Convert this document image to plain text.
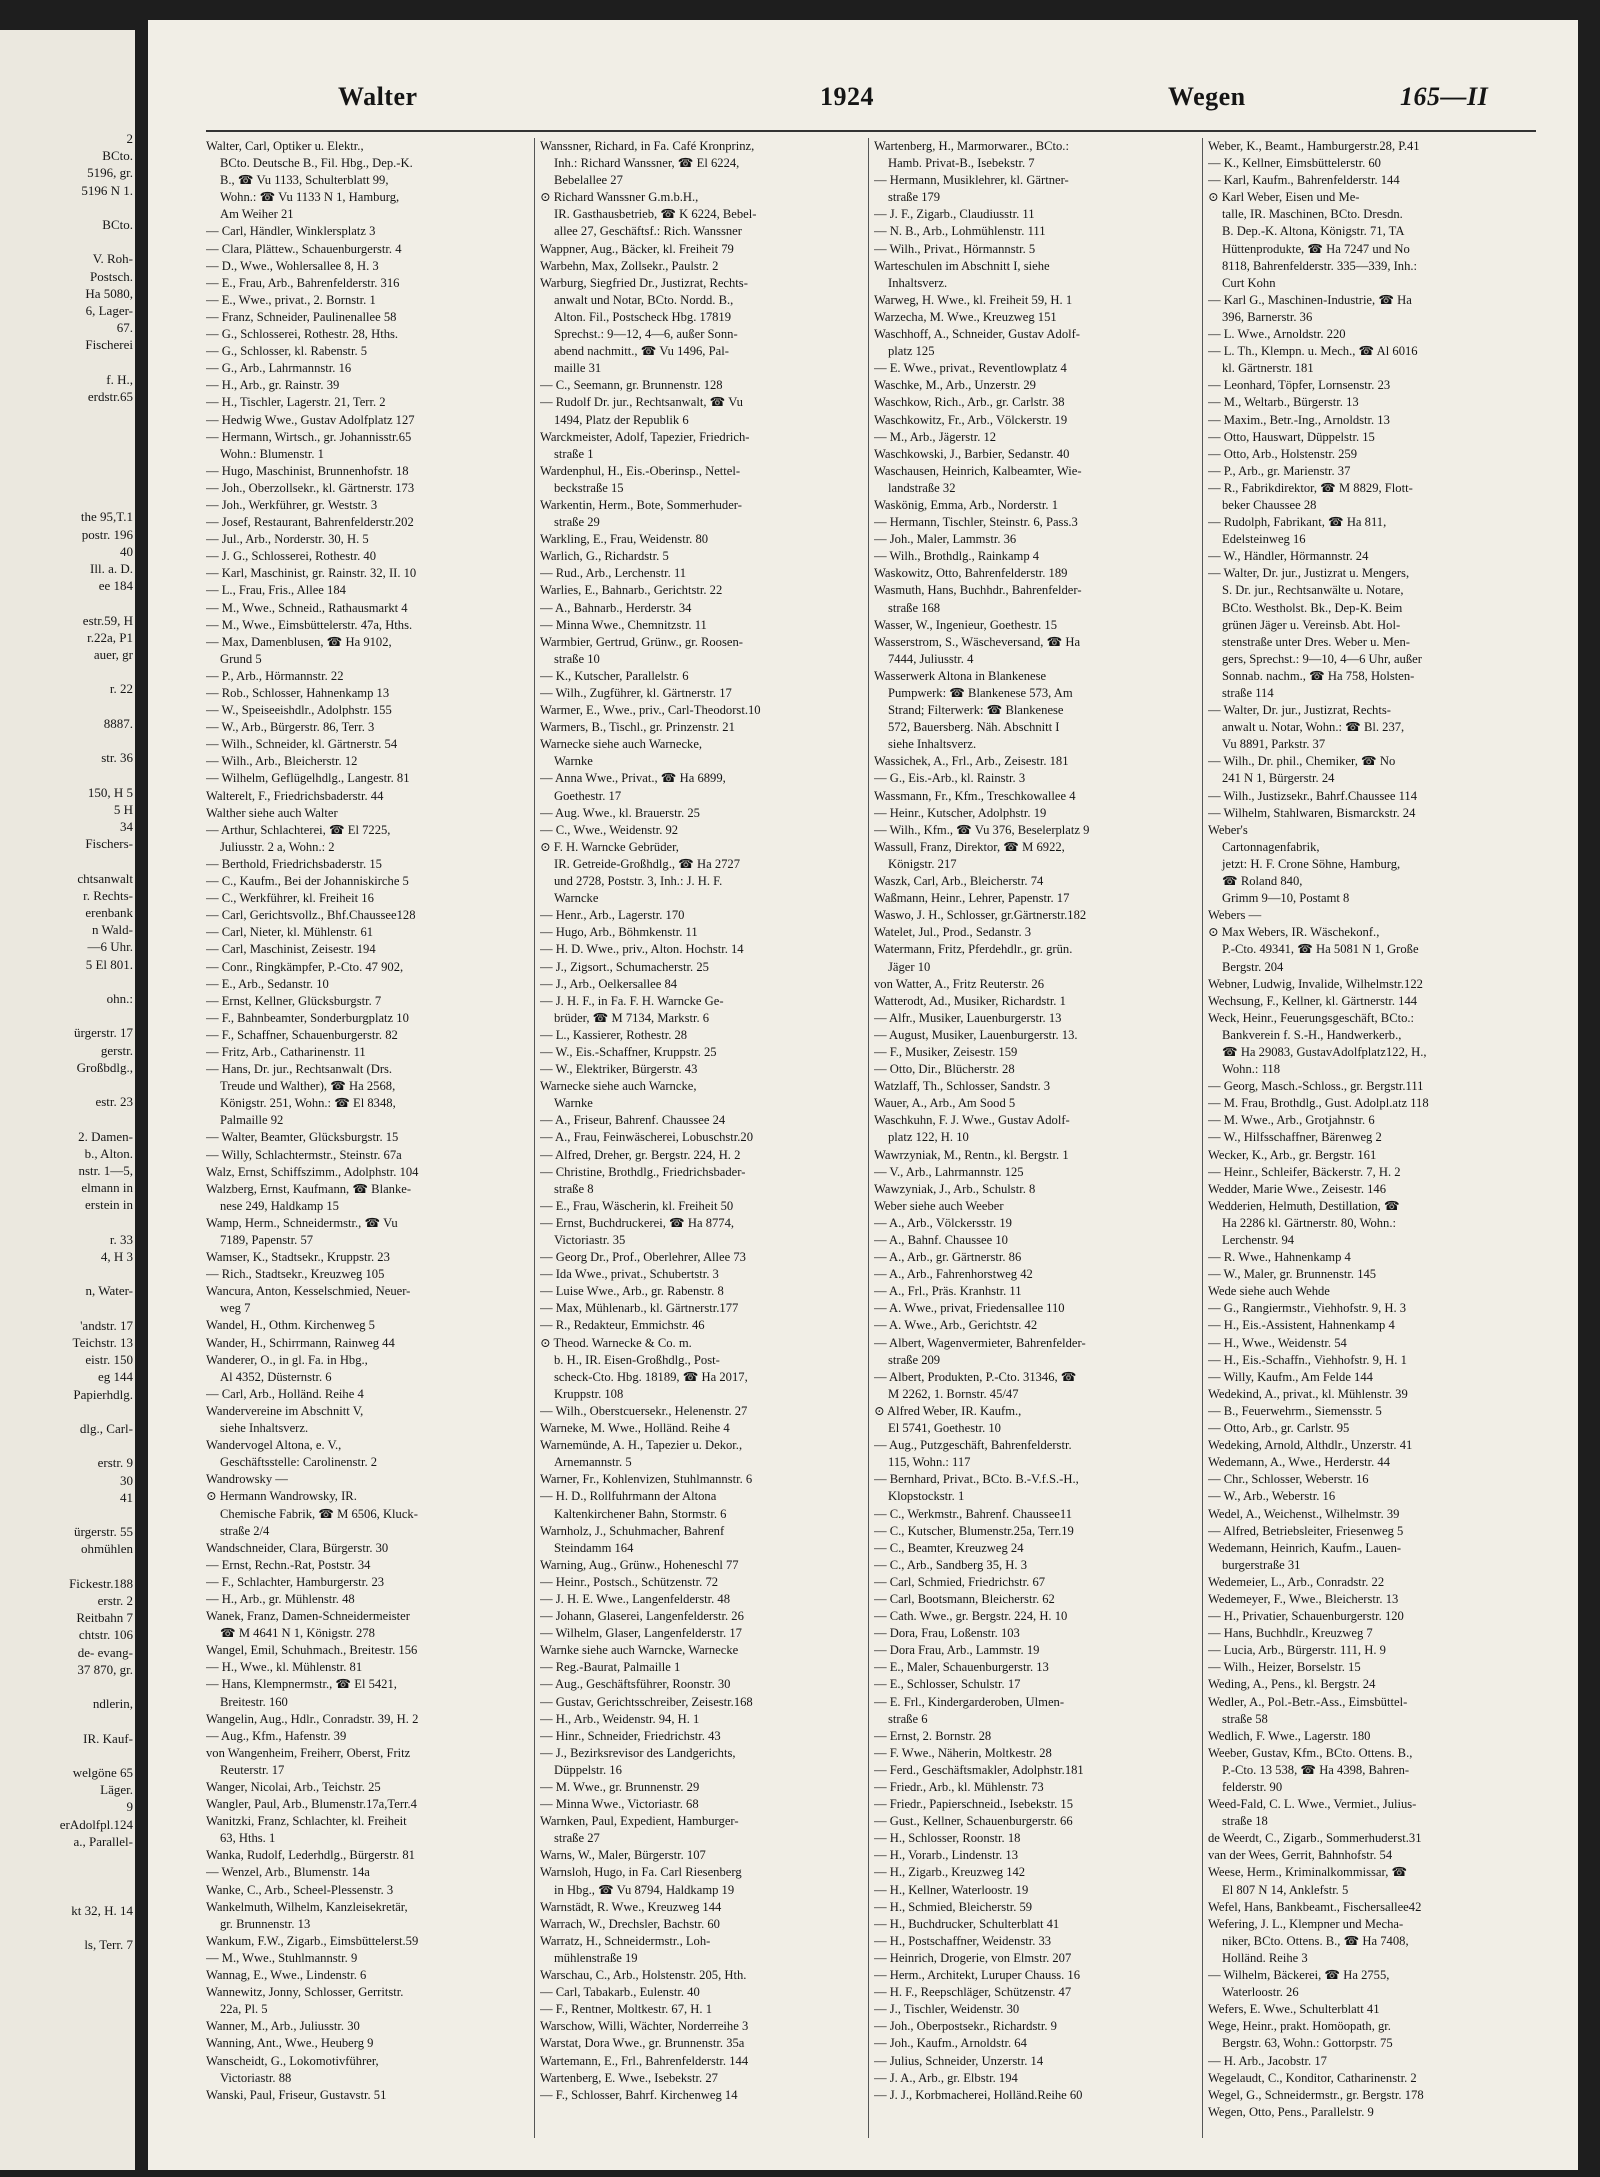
2
BCto.
5196, gr.
5196 N 1.
BCto.
V. Roh-
Postsch.
Ha 5080,
6, Lager-
67.
Fischerei
f. H.,
erdstr.65
the 95,T.1
postr. 196
40
Ill. a. D.
ee 184
estr.59, H
r.22a, P1
auer, gr
r. 22
8887.
str. 36
150, H 5
5 H
34
Fischers-
chtsanwalt
r. Rechts-
erenbank
n Wald-
—6 Uhr.
5 El 801.
ohn.:
ürgerstr. 17
gerstr.
Großbdlg.,
estr. 23
2. Damen-
b., Alton.
nstr. 1—5,
elmann in
erstein in
r. 33
4, H 3
n, Water-
'andstr. 17
Teichstr. 13
eistr. 150
eg 144
Papierhdlg.
dlg., Carl-
erstr. 9
30
41
ürgerstr. 55
ohmühlen
Fickestr.188
erstr. 2
Reitbahn 7
chtstr. 106
de- evang-
37 870, gr.
ndlerin,
IR. Kauf-
welgöne 65
Läger.
9
erAdolfpl.124
a., Parallel-
kt 32, H. 14
ls, Terr. 7
Walter	1924	Wegen	165—II
Walter, Carl, Optiker u. Elektr.,
BCto. Deutsche B., Fil. Hbg., Dep.-K.
B., ☎ Vu 1133, Schulterblatt 99,
Wohn.: ☎ Vu 1133 N 1, Hamburg,
Am Weiher 21
— Carl, Händler, Winklersplatz 3
— Clara, Plättew., Schauenburgerstr. 4
— D., Wwe., Wohlersallee 8, H. 3
— E., Frau, Arb., Bahrenfelderstr. 316
— E., Wwe., privat., 2. Bornstr. 1
— Franz, Schneider, Paulinenallee 58
— G., Schlosserei, Rothestr. 28, Hths.
— G., Schlosser, kl. Rabenstr. 5
— G., Arb., Lahrmannstr. 16
— H., Arb., gr. Rainstr. 39
— H., Tischler, Lagerstr. 21, Terr. 2
— Hedwig Wwe., Gustav Adolfplatz 127
— Hermann, Wirtsch., gr. Johannisstr.65
Wohn.: Blumenstr. 1
— Hugo, Maschinist, Brunnenhofstr. 18
— Joh., Oberzollsekr., kl. Gärtnerstr. 173
— Joh., Werkführer, gr. Weststr. 3
— Josef, Restaurant, Bahrenfelderstr.202
— Jul., Arb., Norderstr. 30, H. 5
— J. G., Schlosserei, Rothestr. 40
— Karl, Maschinist, gr. Rainstr. 32, II. 10
— L., Frau, Fris., Allee 184
— M., Wwe., Schneid., Rathausmarkt 4
— M., Wwe., Eimsbüttelerstr. 47a, Hths.
— Max, Damenblusen, ☎ Ha 9102,
Grund 5
— P., Arb., Hörmannstr. 22
— Rob., Schlosser, Hahnenkamp 13
— W., Speiseeishdlr., Adolphstr. 155
— W., Arb., Bürgerstr. 86, Terr. 3
— Wilh., Schneider, kl. Gärtnerstr. 54
— Wilh., Arb., Bleicherstr. 12
— Wilhelm, Geflügelhdlg., Langestr. 81
Walterelt, F., Friedrichsbaderstr. 44
Walther siehe auch Walter
— Arthur, Schlachterei, ☎ El 7225,
Juliusstr. 2 a, Wohn.: 2
— Berthold, Friedrichsbaderstr. 15
— C., Kaufm., Bei der Johanniskirche 5
— C., Werkführer, kl. Freiheit 16
— Carl, Gerichtsvollz., Bhf.Chaussee128
— Carl, Nieter, kl. Mühlenstr. 61
— Carl, Maschinist, Zeisestr. 194
— Conr., Ringkämpfer, P.-Cto. 47 902,
— E., Arb., Sedanstr. 10
— Ernst, Kellner, Glücksburgstr. 7
— F., Bahnbeamter, Sonderburgplatz 10
— F., Schaffner, Schauenburgerstr. 82
— Fritz, Arb., Catharinenstr. 11
— Hans, Dr. jur., Rechtsanwalt (Drs.
Treude und Walther), ☎ Ha 2568,
Königstr. 251, Wohn.: ☎ El 8348,
Palmaille 92
— Walter, Beamter, Glücksburgstr. 15
— Willy, Schlachtermstr., Steinstr. 67a
Walz, Ernst, Schiffszimm., Adolphstr. 104
Walzberg, Ernst, Kaufmann, ☎ Blanke-
nese 249, Haldkamp 15
Wamp, Herm., Schneidermstr., ☎ Vu
7189, Papenstr. 57
Wamser, K., Stadtsekr., Kruppstr. 23
— Rich., Stadtsekr., Kreuzweg 105
Wancura, Anton, Kesselschmied, Neuer-
weg 7
Wandel, H., Othm. Kirchenweg 5
Wander, H., Schirrmann, Rainweg 44
Wanderer, O., in gl. Fa. in Hbg.,
Al 4352, Düsternstr. 6
— Carl, Arb., Holländ. Reihe 4
Wandervereine im Abschnitt V,
siehe Inhaltsverz.
Wandervogel Altona, e. V.,
Geschäftsstelle: Carolinenstr. 2
Wandrowsky —
⊙ Hermann Wandrowsky, IR.
Chemische Fabrik, ☎ M 6506, Kluck-
straße 2/4
Wandschneider, Clara, Bürgerstr. 30
— Ernst, Rechn.-Rat, Poststr. 34
— F., Schlachter, Hamburgerstr. 23
— H., Arb., gr. Mühlenstr. 48
Wanek, Franz, Damen-Schneidermeister
☎ M 4641 N 1, Königstr. 278
Wangel, Emil, Schuhmach., Breitestr. 156
— H., Wwe., kl. Mühlenstr. 81
— Hans, Klempnermstr., ☎ El 5421,
Breitestr. 160
Wangelin, Aug., Hdlr., Conradstr. 39, H. 2
— Aug., Kfm., Hafenstr. 39
von Wangenheim, Freiherr, Oberst, Fritz
Reuterstr. 17
Wanger, Nicolai, Arb., Teichstr. 25
Wangler, Paul, Arb., Blumenstr.17a,Terr.4
Wanitzki, Franz, Schlachter, kl. Freiheit
63, Hths. 1
Wanka, Rudolf, Lederhdlg., Bürgerstr. 81
— Wenzel, Arb., Blumenstr. 14a
Wanke, C., Arb., Scheel-Plessenstr. 3
Wankelmuth, Wilhelm, Kanzleisekretär,
gr. Brunnenstr. 13
Wankum, F.W., Zigarb., Eimsbüttelerst.59
— M., Wwe., Stuhlmannstr. 9
Wannag, E., Wwe., Lindenstr. 6
Wannewitz, Jonny, Schlosser, Gerritstr.
22a, Pl. 5
Wanner, M., Arb., Juliusstr. 30
Wanning, Ant., Wwe., Heuberg 9
Wanscheidt, G., Lokomotivführer,
Victoriastr. 88
Wanski, Paul, Friseur, Gustavstr. 51
Wanssner, Richard, in Fa. Café Kronprinz,
Inh.: Richard Wanssner, ☎ El 6224,
Bebelallee 27
⊙ Richard Wanssner G.m.b.H.,
IR. Gasthausbetrieb, ☎ K 6224, Bebel-
allee 27, Geschäftsf.: Rich. Wanssner
Wappner, Aug., Bäcker, kl. Freiheit 79
Warbehn, Max, Zollsekr., Paulstr. 2
Warburg, Siegfried Dr., Justizrat, Rechts-
anwalt und Notar, BCto. Nordd. B.,
Alton. Fil., Postscheck Hbg. 17819
Sprechst.: 9—12, 4—6, außer Sonn-
abend nachmitt., ☎ Vu 1496, Pal-
maille 31
— C., Seemann, gr. Brunnenstr. 128
— Rudolf Dr. jur., Rechtsanwalt, ☎ Vu
1494, Platz der Republik 6
Warckmeister, Adolf, Tapezier, Friedrich-
straße 1
Wardenphul, H., Eis.-Oberinsp., Nettel-
beckstraße 15
Warkentin, Herm., Bote, Sommerhuder-
straße 29
Warkling, E., Frau, Weidenstr. 80
Warlich, G., Richardstr. 5
— Rud., Arb., Lerchenstr. 11
Warlies, E., Bahnarb., Gerichtstr. 22
— A., Bahnarb., Herderstr. 34
— Minna Wwe., Chemnitzstr. 11
Warmbier, Gertrud, Grünw., gr. Roosen-
straße 10
— K., Kutscher, Parallelstr. 6
— Wilh., Zugführer, kl. Gärtnerstr. 17
Warmer, E., Wwe., priv., Carl-Theodorst.10
Warmers, B., Tischl., gr. Prinzenstr. 21
Warnecke siehe auch Warnecke,
Warnke
— Anna Wwe., Privat., ☎ Ha 6899,
Goethestr. 17
— Aug. Wwe., kl. Brauerstr. 25
— C., Wwe., Weidenstr. 92
⊙ F. H. Warncke Gebrüder,
IR. Getreide-Großhdlg., ☎ Ha 2727
und 2728, Poststr. 3, Inh.: J. H. F.
Warncke
— Henr., Arb., Lagerstr. 170
— Hugo, Arb., Böhmkenstr. 11
— H. D. Wwe., priv., Alton. Hochstr. 14
— J., Zigsort., Schumacherstr. 25
— J., Arb., Oelkersallee 84
— J. H. F., in Fa. F. H. Warncke Ge-
brüder, ☎ M 7134, Markstr. 6
— L., Kassierer, Rothestr. 28
— W., Eis.-Schaffner, Kruppstr. 25
— W., Elektriker, Bürgerstr. 43
Warnecke siehe auch Warncke,
Warnke
— A., Friseur, Bahrenf. Chaussee 24
— A., Frau, Feinwäscherei, Lobuschstr.20
— Alfred, Dreher, gr. Bergstr. 224, H. 2
— Christine, Brothdlg., Friedrichsbader-
straße 8
— E., Frau, Wäscherin, kl. Freiheit 50
— Ernst, Buchdruckerei, ☎ Ha 8774,
Victoriastr. 35
— Georg Dr., Prof., Oberlehrer, Allee 73
— Ida Wwe., privat., Schubertstr. 3
— Luise Wwe., Arb., gr. Rabenstr. 8
— Max, Mühlenarb., kl. Gärtnerstr.177
— R., Redakteur, Emmichstr. 46
⊙ Theod. Warnecke & Co. m.
b. H., IR. Eisen-Großhdlg., Post-
scheck-Cto. Hbg. 18189, ☎ Ha 2017,
Kruppstr. 108
— Wilh., Oberstcuersekr., Helenenstr. 27
Warneke, M. Wwe., Holländ. Reihe 4
Warnemünde, A. H., Tapezier u. Dekor.,
Arnemannstr. 5
Warner, Fr., Kohlenvizen, Stuhlmannstr. 6
— H. D., Rollfuhrmann der Altona
Kaltenkirchener Bahn, Stormstr. 6
Warnholz, J., Schuhmacher, Bahrenf
Steindamm 164
Warning, Aug., Grünw., Hoheneschl 77
— Heinr., Postsch., Schützenstr. 72
— J. H. E. Wwe., Langenfelderstr. 48
— Johann, Glaserei, Langenfelderstr. 26
— Wilhelm, Glaser, Langenfelderstr. 17
Warnke siehe auch Warncke, Warnecke
— Reg.-Baurat, Palmaille 1
— Aug., Geschäftsführer, Roonstr. 30
— Gustav, Gerichtsschreiber, Zeisestr.168
— H., Arb., Weidenstr. 94, H. 1
— Hinr., Schneider, Friedrichstr. 43
— J., Bezirksrevisor des Landgerichts,
Düppelstr. 16
— M. Wwe., gr. Brunnenstr. 29
— Minna Wwe., Victoriastr. 68
Warnken, Paul, Expedient, Hamburger-
straße 27
Warns, W., Maler, Bürgerstr. 107
Warnsloh, Hugo, in Fa. Carl Riesenberg
in Hbg., ☎ Vu 8794, Haldkamp 19
Warnstädt, R. Wwe., Kreuzweg 144
Warrach, W., Drechsler, Bachstr. 60
Warratz, H., Schneidermstr., Loh-
mühlenstraße 19
Warschau, C., Arb., Holstenstr. 205, Hth.
— Carl, Tabakarb., Eulenstr. 40
— F., Rentner, Moltkestr. 67, H. 1
Warschow, Willi, Wächter, Norderreihe 3
Warstat, Dora Wwe., gr. Brunnenstr. 35a
Wartemann, E., Frl., Bahrenfelderstr. 144
Wartenberg, E. Wwe., Isebekstr. 27
— F., Schlosser, Bahrf. Kirchenweg 14
Wartenberg, H., Marmorwarer., BCto.:
Hamb. Privat-B., Isebekstr. 7
— Hermann, Musiklehrer, kl. Gärtner-
straße 179
— J. F., Zigarb., Claudiusstr. 11
— N. B., Arb., Lohmühlenstr. 111
— Wilh., Privat., Hörmannstr. 5
Warteschulen im Abschnitt I, siehe
Inhaltsverz.
Warweg, H. Wwe., kl. Freiheit 59, H. 1
Warzecha, M. Wwe., Kreuzweg 151
Waschhoff, A., Schneider, Gustav Adolf-
platz 125
— E. Wwe., privat., Reventlowplatz 4
Waschke, M., Arb., Unzerstr. 29
Waschkow, Rich., Arb., gr. Carlstr. 38
Waschkowitz, Fr., Arb., Völckerstr. 19
— M., Arb., Jägerstr. 12
Waschkowski, J., Barbier, Sedanstr. 40
Waschausen, Heinrich, Kalbeamter, Wie-
landstraße 32
Waskönig, Emma, Arb., Norderstr. 1
— Hermann, Tischler, Steinstr. 6, Pass.3
— Joh., Maler, Lammstr. 36
— Wilh., Brothdlg., Rainkamp 4
Waskowitz, Otto, Bahrenfelderstr. 189
Wasmuth, Hans, Buchhdr., Bahrenfelder-
straße 168
Wasser, W., Ingenieur, Goethestr. 15
Wasserstrom, S., Wäscheversand, ☎ Ha
7444, Juliusstr. 4
Wasserwerk Altona in Blankenese
Pumpwerk: ☎ Blankenese 573, Am
Strand; Filterwerk: ☎ Blankenese
572, Bauersberg. Näh. Abschnitt I
siehe Inhaltsverz.
Wassichek, A., Frl., Arb., Zeisestr. 181
— G., Eis.-Arb., kl. Rainstr. 3
Wassmann, Fr., Kfm., Treschkowallee 4
— Heinr., Kutscher, Adolphstr. 19
— Wilh., Kfm., ☎ Vu 376, Beselerplatz 9
Wassull, Franz, Direktor, ☎ M 6922,
Königstr. 217
Waszk, Carl, Arb., Bleicherstr. 74
Waßmann, Heinr., Lehrer, Papenstr. 17
Waswo, J. H., Schlosser, gr.Gärtnerstr.182
Watelet, Jul., Prod., Sedanstr. 3
Watermann, Fritz, Pferdehdlr., gr. grün.
Jäger 10
von Watter, A., Fritz Reuterstr. 26
Watterodt, Ad., Musiker, Richardstr. 1
— Alfr., Musiker, Lauenburgerstr. 13
— August, Musiker, Lauenburgerstr. 13.
— F., Musiker, Zeisestr. 159
— Otto, Dir., Blücherstr. 28
Watzlaff, Th., Schlosser, Sandstr. 3
Wauer, A., Arb., Am Sood 5
Waschkuhn, F. J. Wwe., Gustav Adolf-
platz 122, H. 10
Wawrzyniak, M., Rentn., kl. Bergstr. 1
— V., Arb., Lahrmannstr. 125
Wawzyniak, J., Arb., Schulstr. 8
Weber siehe auch Weeber
— A., Arb., Völckersstr. 19
— A., Bahnf. Chaussee 10
— A., Arb., gr. Gärtnerstr. 86
— A., Arb., Fahrenhorstweg 42
— A., Frl., Präs. Kranhstr. 11
— A. Wwe., privat, Friedensallee 110
— A. Wwe., Arb., Gerichtstr. 42
— Albert, Wagenvermieter, Bahrenfelder-
straße 209
— Albert, Produkten, P.-Cto. 31346, ☎
M 2262, 1. Bornstr. 45/47
⊙ Alfred Weber, IR. Kaufm.,
El 5741, Goethestr. 10
— Aug., Putzgeschäft, Bahrenfelderstr.
115, Wohn.: 117
— Bernhard, Privat., BCto. B.-V.f.S.-H.,
Klopstockstr. 1
— C., Werkmstr., Bahrenf. Chaussee11
— C., Kutscher, Blumenstr.25a, Terr.19
— C., Beamter, Kreuzweg 24
— C., Arb., Sandberg 35, H. 3
— Carl, Schmied, Friedrichstr. 67
— Carl, Bootsmann, Bleicherstr. 62
— Cath. Wwe., gr. Bergstr. 224, H. 10
— Dora, Frau, Loßenstr. 103
— Dora Frau, Arb., Lammstr. 19
— E., Maler, Schauenburgerstr. 13
— E., Schlosser, Schulstr. 17
— E. Frl., Kindergarderoben, Ulmen-
straße 6
— Ernst, 2. Bornstr. 28
— F. Wwe., Näherin, Moltkestr. 28
— Ferd., Geschäftsmakler, Adolphstr.181
— Friedr., Arb., kl. Mühlenstr. 73
— Friedr., Papierschneid., Isebekstr. 15
— Gust., Kellner, Schauenburgerstr. 66
— H., Schlosser, Roonstr. 18
— H., Vorarb., Lindenstr. 13
— H., Zigarb., Kreuzweg 142
— H., Kellner, Waterloostr. 19
— H., Schmied, Bleicherstr. 59
— H., Buchdrucker, Schulterblatt 41
— H., Postschaffner, Weidenstr. 33
— Heinrich, Drogerie, von Elmstr. 207
— Herm., Architekt, Luruper Chauss. 16
— H. F., Reepschläger, Schützenstr. 47
— J., Tischler, Weidenstr. 30
— Joh., Oberpostsekr., Richardstr. 9
— Joh., Kaufm., Arnoldstr. 64
— Julius, Schneider, Unzerstr. 14
— J. A., Arb., gr. Elbstr. 194
— J. J., Korbmacherei, Holländ.Reihe 60
Weber, K., Beamt., Hamburgerstr.28, P.41
— K., Kellner, Eimsbüttelerstr. 60
— Karl, Kaufm., Bahrenfelderstr. 144
⊙ Karl Weber, Eisen und Me-
talle, IR. Maschinen, BCto. Dresdn.
B. Dep.-K. Altona, Königstr. 71, TA
Hüttenprodukte, ☎ Ha 7247 und No
8118, Bahrenfelderstr. 335—339, Inh.:
Curt Kohn
— Karl G., Maschinen-Industrie, ☎ Ha
396, Barnerstr. 36
— L. Wwe., Arnoldstr. 220
— L. Th., Klempn. u. Mech., ☎ Al 6016
kl. Gärtnerstr. 181
— Leonhard, Töpfer, Lornsenstr. 23
— M., Weltarb., Bürgerstr. 13
— Maxim., Betr.-Ing., Arnoldstr. 13
— Otto, Hauswart, Düppelstr. 15
— Otto, Arb., Holstenstr. 259
— P., Arb., gr. Marienstr. 37
— R., Fabrikdirektor, ☎ M 8829, Flott-
beker Chaussee 28
— Rudolph, Fabrikant, ☎ Ha 811,
Edelsteinweg 16
— W., Händler, Hörmannstr. 24
— Walter, Dr. jur., Justizrat u. Mengers,
S. Dr. jur., Rechtsanwälte u. Notare,
BCto. Westholst. Bk., Dep-K. Beim
grünen Jäger u. Vereinsb. Abt. Hol-
stenstraße unter Dres. Weber u. Men-
gers, Sprechst.: 9—10, 4—6 Uhr, außer
Sonnab. nachm., ☎ Ha 758, Holsten-
straße 114
— Walter, Dr. jur., Justizrat, Rechts-
anwalt u. Notar, Wohn.: ☎ Bl. 237,
Vu 8891, Parkstr. 37
— Wilh., Dr. phil., Chemiker, ☎ No
241 N 1, Bürgerstr. 24
— Wilh., Justizsekr., Bahrf.Chaussee 114
— Wilhelm, Stahlwaren, Bismarckstr. 24
Weber's
Cartonnagenfabrik,
jetzt: H. F. Crone Söhne, Hamburg,
☎ Roland 840,
Grimm 9—10, Postamt 8
Webers —
⊙ Max Webers, IR. Wäschekonf.,
P.-Cto. 49341, ☎ Ha 5081 N 1, Große
Bergstr. 204
Webner, Ludwig, Invalide, Wilhelmstr.122
Wechsung, F., Kellner, kl. Gärtnerstr. 144
Weck, Heinr., Feuerungsgeschäft, BCto.:
Bankverein f. S.-H., Handwerkerb.,
☎ Ha 29083, GustavAdolfplatz122, H.,
Wohn.: 118
— Georg, Masch.-Schloss., gr. Bergstr.111
— M. Frau, Brothdlg., Gust. Adolpl.atz 118
— M. Wwe., Arb., Grotjahnstr. 6
— W., Hilfsschaffner, Bärenweg 2
Wecker, K., Arb., gr. Bergstr. 161
— Heinr., Schleifer, Bäckerstr. 7, H. 2
Wedder, Marie Wwe., Zeisestr. 146
Wedderien, Helmuth, Destillation, ☎
Ha 2286 kl. Gärtnerstr. 80, Wohn.:
Lerchenstr. 94
— R. Wwe., Hahnenkamp 4
— W., Maler, gr. Brunnenstr. 145
Wede siehe auch Wehde
— G., Rangiermstr., Viehhofstr. 9, H. 3
— H., Eis.-Assistent, Hahnenkamp 4
— H., Wwe., Weidenstr. 54
— H., Eis.-Schaffn., Viehhofstr. 9, H. 1
— Willy, Kaufm., Am Felde 144
Wedekind, A., privat., kl. Mühlenstr. 39
— B., Feuerwehrm., Siemensstr. 5
— Otto, Arb., gr. Carlstr. 95
Wedeking, Arnold, Althdlr., Unzerstr. 41
Wedemann, A., Wwe., Herderstr. 44
— Chr., Schlosser, Weberstr. 16
— W., Arb., Weberstr. 16
Wedel, A., Weichenst., Wilhelmstr. 39
— Alfred, Betriebsleiter, Friesenweg 5
Wedemann, Heinrich, Kaufm., Lauen-
burgerstraße 31
Wedemeier, L., Arb., Conradstr. 22
Wedemeyer, F., Wwe., Bleicherstr. 13
— H., Privatier, Schauenburgerstr. 120
— Hans, Buchhdlr., Kreuzweg 7
— Lucia, Arb., Bürgerstr. 111, H. 9
— Wilh., Heizer, Borselstr. 15
Weding, A., Pens., kl. Bergstr. 24
Wedler, A., Pol.-Betr.-Ass., Eimsbüttel-
straße 58
Wedlich, F. Wwe., Lagerstr. 180
Weeber, Gustav, Kfm., BCto. Ottens. B.,
P.-Cto. 13 538, ☎ Ha 4398, Bahren-
felderstr. 90
Weed-Fald, C. L. Wwe., Vermiet., Julius-
straße 18
de Weerdt, C., Zigarb., Sommerhuderst.31
van der Wees, Gerrit, Bahnhofstr. 54
Weese, Herm., Kriminalkommissar, ☎
El 807 N 14, Anklefstr. 5
Wefel, Hans, Bankbeamt., Fischersallee42
Wefering, J. L., Klempner und Mecha-
niker, BCto. Ottens. B., ☎ Ha 7408,
Holländ. Reihe 3
— Wilhelm, Bäckerei, ☎ Ha 2755,
Waterloostr. 26
Wefers, E. Wwe., Schulterblatt 41
Wege, Heinr., prakt. Homöopath, gr.
Bergstr. 63, Wohn.: Gottorpstr. 75
— H. Arb., Jacobstr. 17
Wegelaudt, C., Konditor, Catharinenstr. 2
Wegel, G., Schneidermstr., gr. Bergstr. 178
Wegen, Otto, Pens., Parallelstr. 9
